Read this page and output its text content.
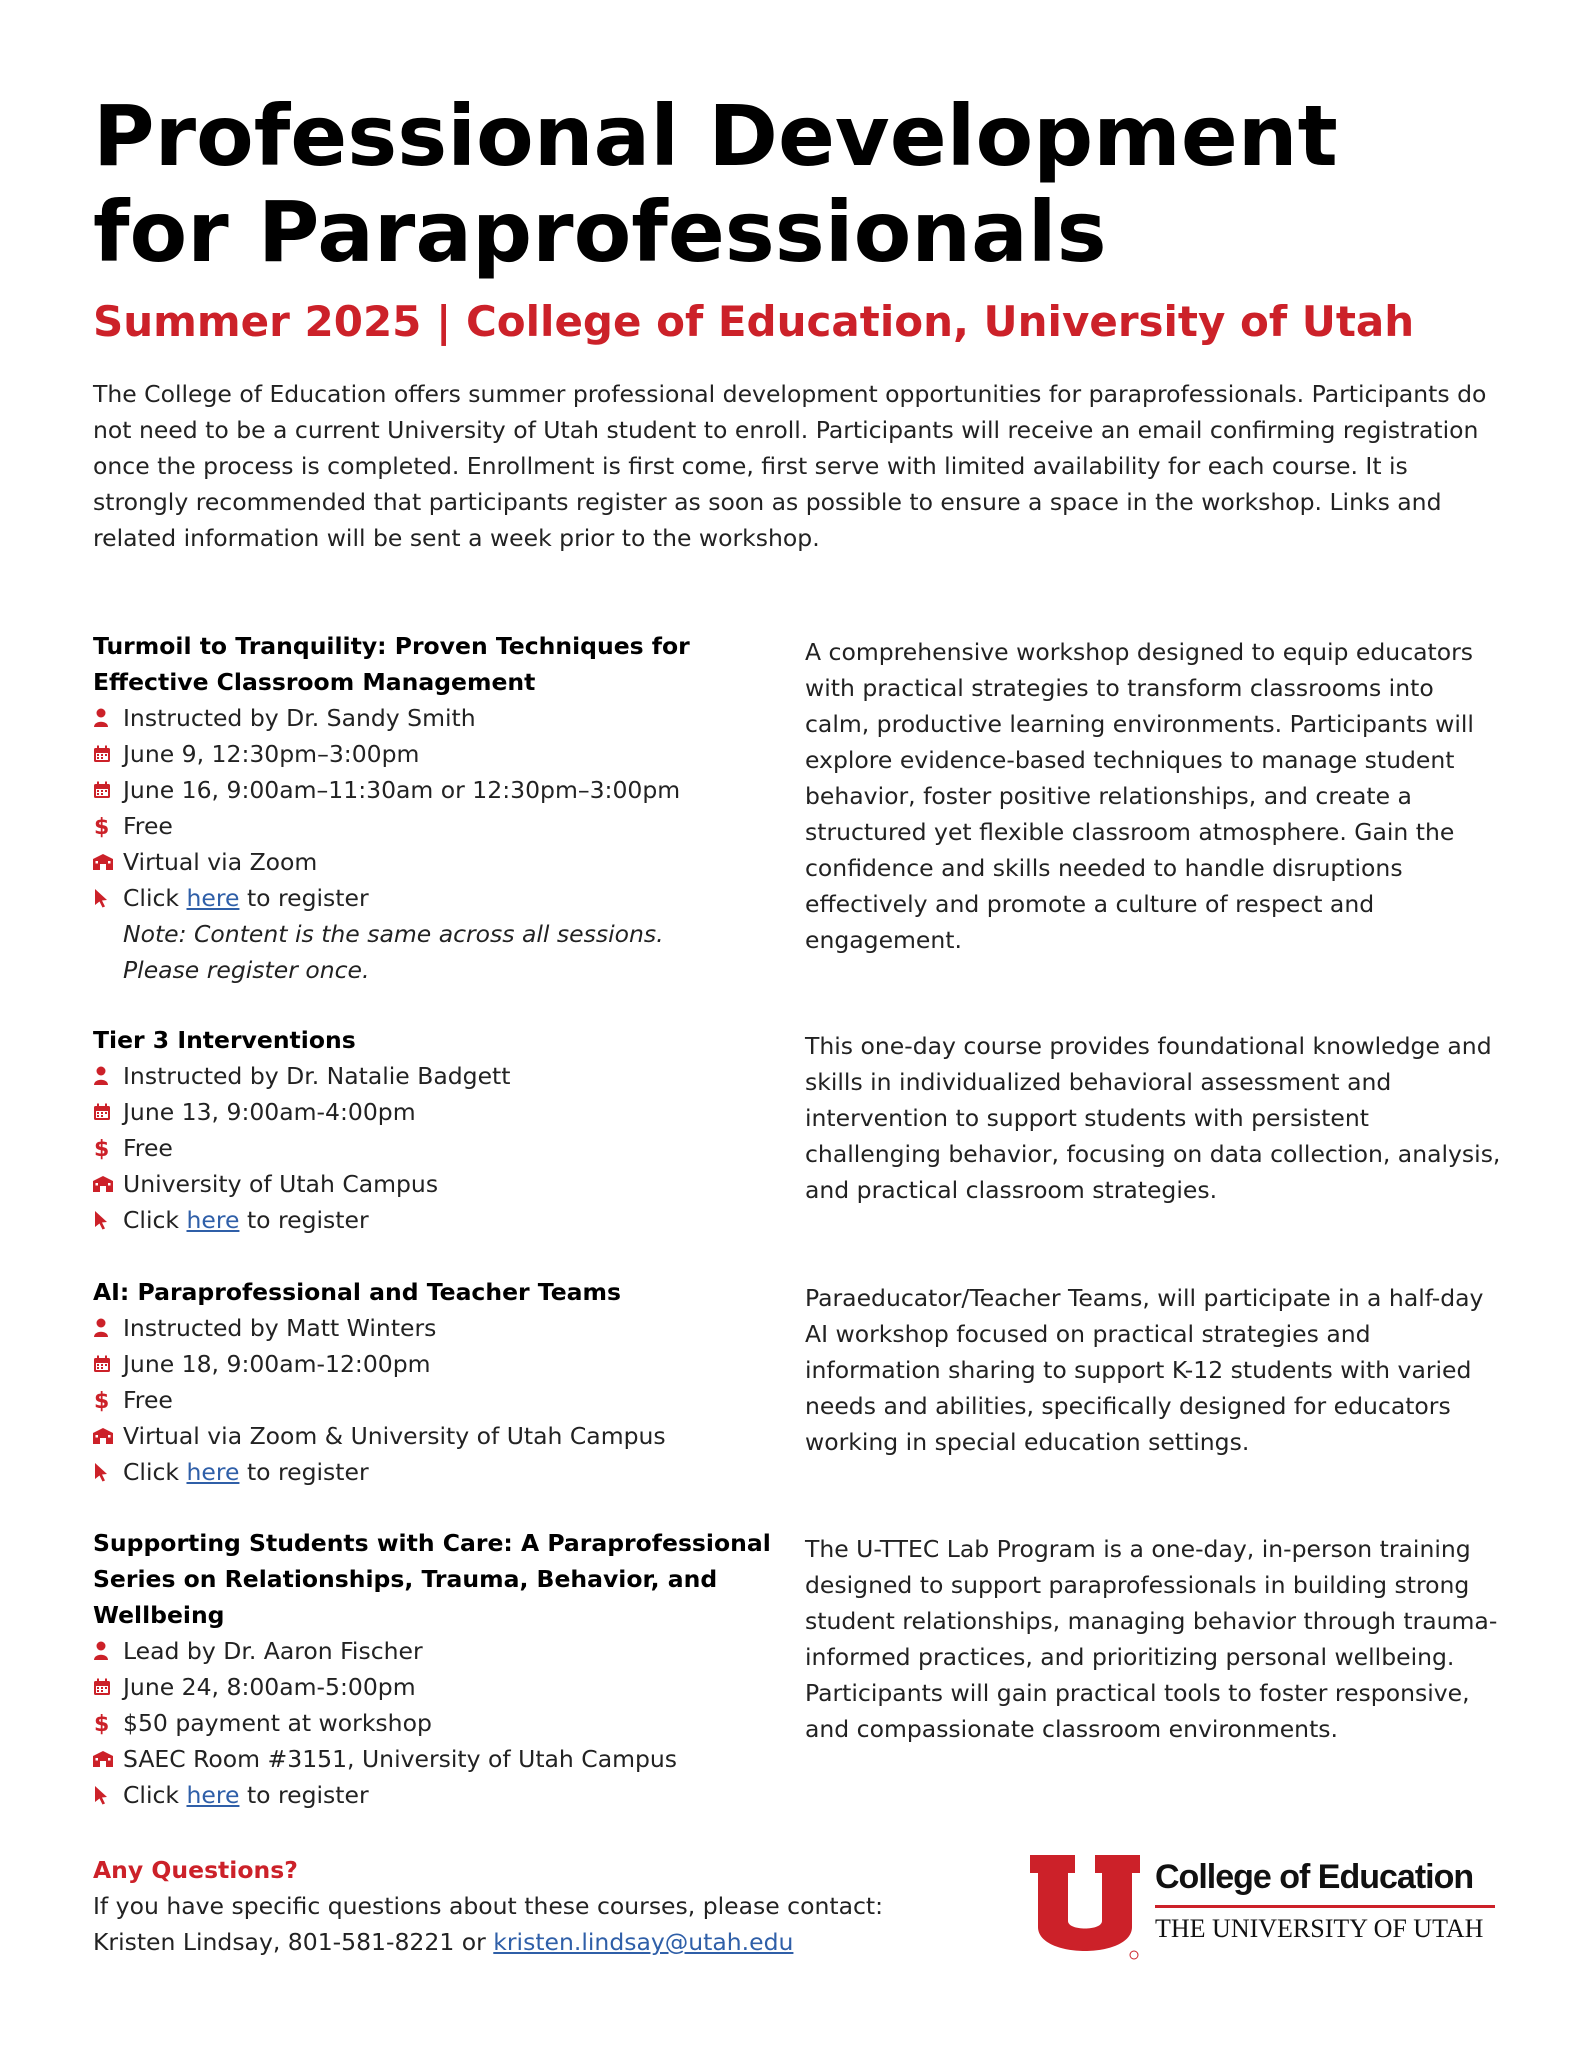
Professional Development
for Paraprofessionals
Summer 2025 | College of Education, University of Utah

The College of Education offers summer professional development opportunities for paraprofessionals. Participants do not need to be a current University of Utah student to enroll. Participants will receive an email confirming registration once the process is completed. Enrollment is first come, first serve with limited availability for each course. It is strongly recommended that participants register as soon as possible to ensure a space in the workshop. Links and related information will be sent a week prior to the workshop.

Turmoil to Tranquility: Proven Techniques for
Effective Classroom Management
Instructed by Dr. Sandy Smith
June 9, 12:30pm–3:00pm
June 16, 9:00am–11:30am or 12:30pm–3:00pm
$ Free
Virtual via Zoom
Click
here
to register
Note: Content is the same across all sessions.
Please register once.
A comprehensive workshop designed to equip educators with practical strategies to transform classrooms into calm, productive learning environments. Participants will explore evidence-based techniques to manage student behavior, foster positive relationships, and create a structured yet flexible classroom atmosphere. Gain the confidence and skills needed to handle disruptions effectively and promote a culture of respect and engagement.
Tier 3 Interventions
Instructed by Dr. Natalie Badgett
June 13, 9:00am-4:00pm
$ Free
University of Utah Campus
Click
here
to register
This one-day course provides foundational knowledge and skills in individualized behavioral assessment and intervention to support students with persistent challenging behavior, focusing on data collection, analysis, and practical classroom strategies.
AI: Paraprofessional and Teacher Teams
Instructed by Matt Winters
June 18, 9:00am-12:00pm
$ Free
Virtual via Zoom & University of Utah Campus
Click
here
to register
Paraeducator/Teacher Teams, will participate in a half-day AI workshop focused on practical strategies and information sharing to support K-12 students with varied needs and abilities, specifically designed for educators working in special education settings.
Supporting Students with Care: A Paraprofessional
Series on Relationships, Trauma, Behavior, and
Wellbeing
Lead by Dr. Aaron Fischer
June 24, 8:00am-5:00pm
$ $50 payment at workshop
SAEC Room #3151, University of Utah Campus
Click
here
to register
The U-TTEC Lab Program is a one-day, in-person training designed to support paraprofessionals in building strong student relationships, managing behavior through trauma-informed practices, and prioritizing personal wellbeing. Participants will gain practical tools to foster responsive, and compassionate classroom environments.
Any Questions?
If you have specific questions about these courses, please contact:
Kristen Lindsay, 801-581-8221 or kristen.lindsay@utah.edu
College of Education
THE UNIVERSITY OF UTAH
